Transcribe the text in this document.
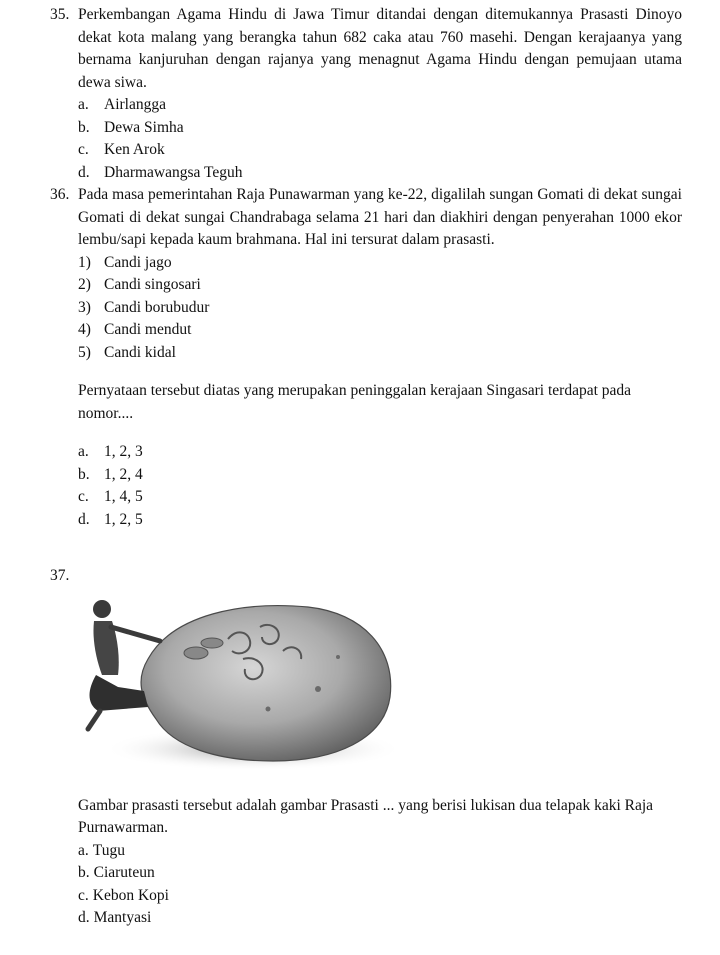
35. Perkembangan Agama Hindu di Jawa Timur ditandai dengan ditemukannya Prasasti Dinoyo dekat kota malang yang berangka tahun 682 caka atau 760 masehi. Dengan kerajaanya yang bernama kanjuruhan dengan rajanya yang menagnut Agama Hindu dengan pemujaan utama dewa siwa.
a. Airlangga
b. Dewa Simha
c. Ken Arok
d. Dharmawangsa Teguh
36. Pada masa pemerintahan Raja Punawarman yang ke-22, digalilah sungan Gomati di dekat sungai Gomati di dekat sungai Chandrabaga selama 21 hari dan diakhiri dengan penyerahan 1000 ekor lembu/sapi kepada kaum brahmana. Hal ini tersurat dalam prasasti.
1) Candi jago
2) Candi singosari
3) Candi borubudur
4) Candi mendut
5) Candi kidal
Pernyataan tersebut diatas yang merupakan peninggalan kerajaan Singasari terdapat pada nomor....
a. 1, 2, 3
b. 1, 2, 4
c. 1, 4, 5
d. 1, 2, 5
37.
Gambar prasasti tersebut adalah gambar Prasasti ... yang berisi lukisan dua telapak kaki Raja Purnawarman.
a. Tugu
b. Ciaruteun
c. Kebon Kopi
d. Mantyasi
